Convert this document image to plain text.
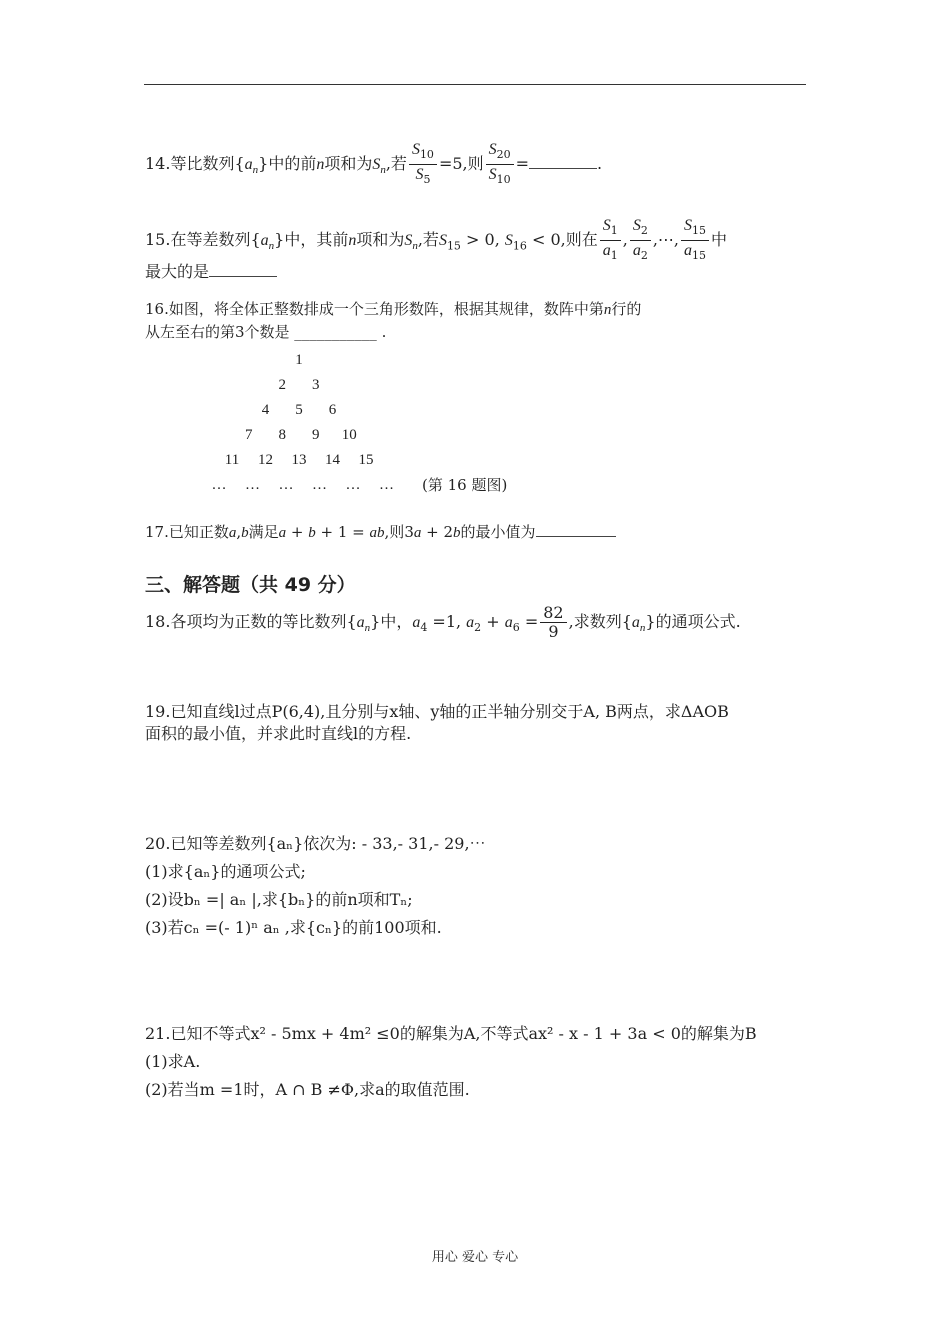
14.等比数列$\{a_n\}$中的前n项和为$S_n$,若 $\frac{S_{10}}{S_5} =5$,则 $\frac{S_{20}}{S_{10}}$ =	.
15.在等差数列$\{a_n\}$中，其前n项和为$S_n$,若$S_{15} > 0$, $S_{16} < 0$,则在 $\frac{S_1}{a_1}$ , $\frac{S_2}{a_2}$ ,⋯, $\frac{S_{15}}{a_{15}}$ 中
最大的是
16.如图，将全体正整数排成一个三角形数阵，根据其规律，数阵中第n行的
从左至右的第3个数是 ___________ .
1
2 3
4 5 6
7 8 9 10
11 12 13 14 15
… … … … … … (第 16 题图)
17.已知正数a,b满足a + b + 1 = ab,则3a + 2b的最小值为
三、解答题（共 49 分）
18.各项均为正数的等比数列$\{a_n\}$中，$a_4 =1$, $a_2 + a_6 = \frac{82}{9}$ ,求数列$\{a_n\}$的通项公式.
19.已知直线l过点P(6,4),且分别与x轴、y轴的正半轴分别交于A, B两点，求ΔAOB
面积的最小值，并求此时直线l的方程.
20.已知等差数列{aₙ}依次为: - 33,- 31,- 29,⋯
(1)求{aₙ}的通项公式;
(2)设bₙ =| aₙ |,求{bₙ}的前n项和Tₙ;
(3)若cₙ =(- 1)ⁿ aₙ ,求{cₙ}的前100项和.
21.已知不等式x² - 5mx + 4m² ≤0的解集为A,不等式ax² - x - 1 + 3a < 0的解集为B
(1)求A.
(2)若当m =1时，A ∩ B ≠Φ,求a的取值范围.
用心 爱心 专心
